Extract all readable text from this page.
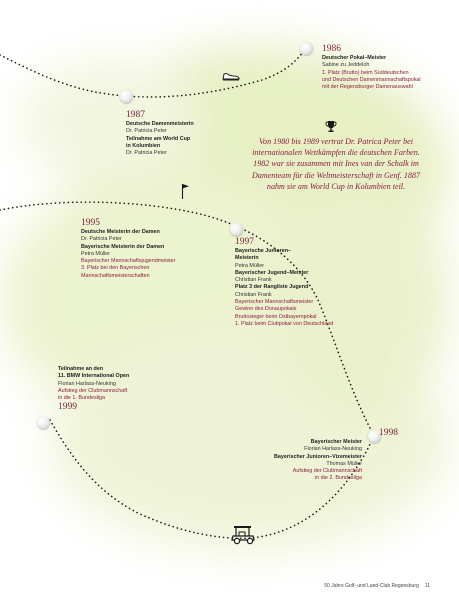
1986
Deutscher Pokal–Meister
Sabine zu Jeddeloh
1. Platz (Brutto) beim Süddeutschen
und Deutschen Damenmannschaftspokal
mit der Regensburger Damenauswahl
1987
Deutsche Damenmeisterin
Dr. Patricia Peter
Teilnahme am World Cup
in Kolumbien
Dr. Patricia Peter
1995
Deutsche Meisterin der Damen
Dr. Patricia Peter
Bayerische Meisterin der Damen
Petra Müller
Bayerischer Mannschaftsjugendmeister
3. Platz bei den Bayerischen
Mannschaftsmeisterschaften
1997
Bayerische Junioren–
Meisterin
Petra Müller
Bayerischer Jugend–Meister
Christian Frank
Platz 3 der Rangliste Jugend
Christian Frank
Bayerischer Mannschaftsmeister
Gewinn des Donaupokals
Bruttosieger beim Ostbayernpokal
1. Platz beim Clubpokal von Deutschland
Teilnahme an den
11. BMW International Open
Florian Harlass-Neuking
Aufstieg der Clubmannschaft
in die 1. Bundesliga
1999
1998
Bayerischer Meister
Florian Harlass-Neuking
Bayerischer Junioren–Vizemeister
Thomas Müller
Aufstieg der Clubmannschaft
in die 2. Bundesliga
Von 1980 bis 1989 vertrat Dr. Patrica Peter bei internationalen Wettkämpfen die deutschen Farben. 1982 war sie zusammen mit Ines van der Schalk im Damenteam für die Weltmeisterschaft in Genf. 1887 nahm sie am World Cup in Kolumbien teil.
50 Jahre Golf- und Land-Club Regensburg 11
